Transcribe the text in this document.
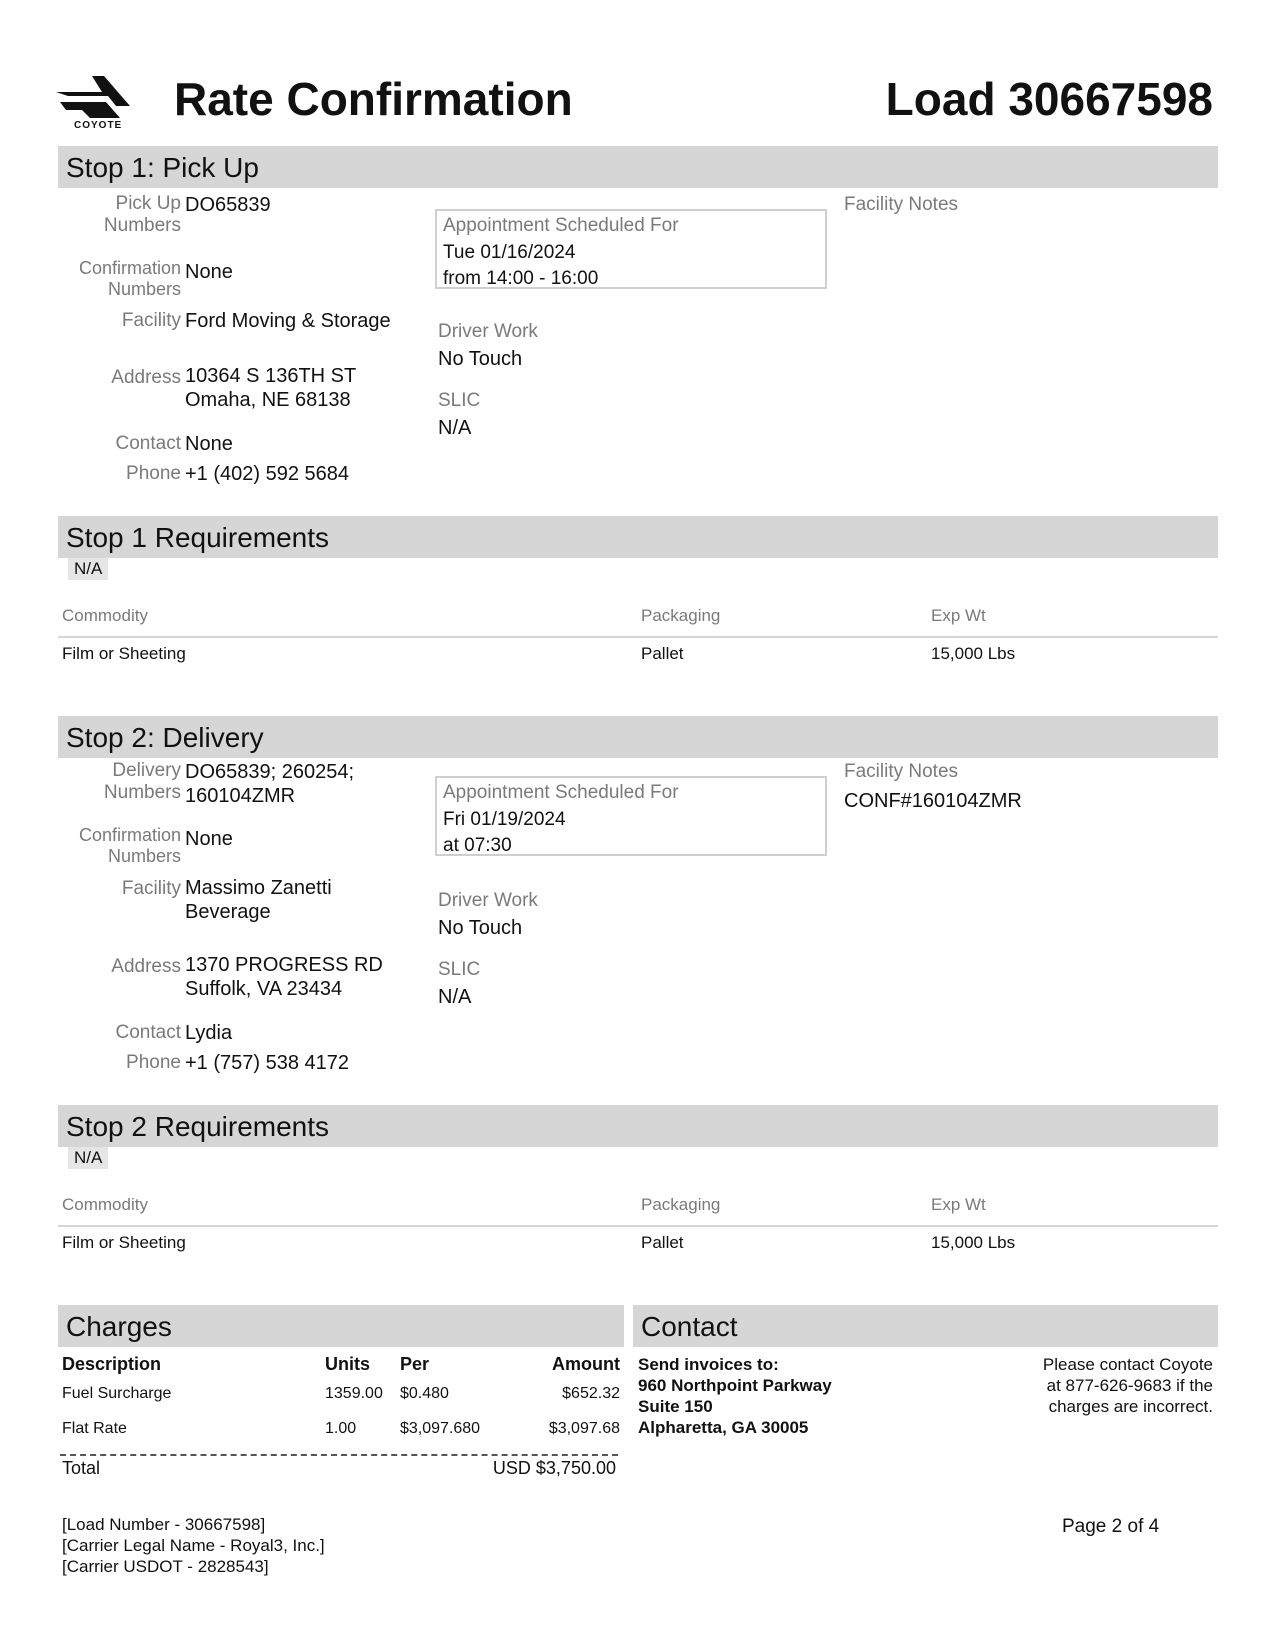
COYOTE
Rate Confirmation	Load 30667598
Stop 1: Pick Up
Pick Up
Numbers
DO65839
Confirmation
Numbers
None
Facility Ford Moving & Storage
Address 10364 S 136TH ST
Omaha, NE 68138
Contact None
Phone +1 (402) 592 5684
Appointment Scheduled For
Tue 01/16/2024
from 14:00 - 16:00
Driver Work
No Touch
SLIC
N/A
Facility Notes
Stop 1 Requirements
N/A
Commodity	Packaging	Exp Wt
Film or Sheeting	Pallet	15,000 Lbs
Stop 2: Delivery
Delivery
Numbers
DO65839; 260254;
160104ZMR
Confirmation
Numbers
None
Facility Massimo Zanetti
Beverage
Address 1370 PROGRESS RD
Suffolk, VA 23434
Contact Lydia
Phone +1 (757) 538 4172
Appointment Scheduled For
Fri 01/19/2024
at 07:30
Driver Work
No Touch
SLIC
N/A
Facility Notes
CONF#160104ZMR
Stop 2 Requirements
N/A
Commodity	Packaging	Exp Wt
Film or Sheeting	Pallet	15,000 Lbs
Charges
Description	Units Per	Amount
Fuel Surcharge	1359.00 $0.480	$652.32
Flat Rate	1.00	$3,097.680	$3,097.68
Total	USD $3,750.00
Contact
Send invoices to:
960 Northpoint Parkway
Suite 150
Alpharetta, GA 30005
Please contact Coyote
at 877-626-9683 if the
charges are incorrect.
[Load Number - 30667598]
[Carrier Legal Name - Royal3, Inc.]
[Carrier USDOT - 2828543]
Page 2 of 4
